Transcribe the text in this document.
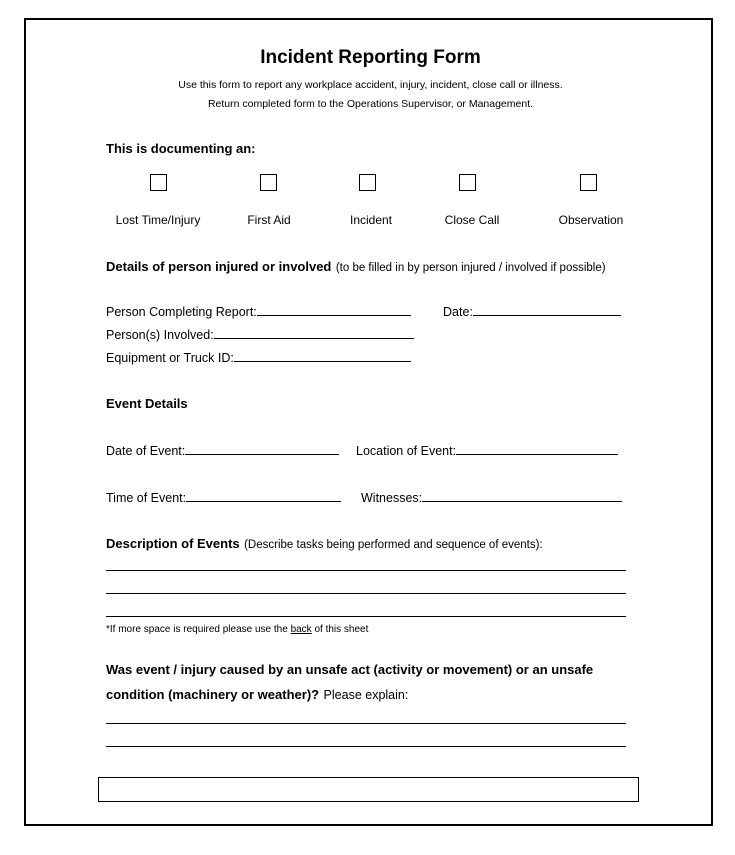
Incident Reporting Form
Use this form to report any workplace accident, injury, incident, close call or illness.
Return completed form to the Operations Supervisor, or Management.
This is documenting an:
Lost Time/Injury	First Aid	Incident	Close Call	Observation
Details of person injured or involved (to be filled in by person injured / involved if possible)
Person Completing Report:	Date:
Person(s) Involved:
Equipment or Truck ID:
Event Details
Date of Event:	Location of Event:
Time of Event:	Witnesses:
Description of Events (Describe tasks being performed and sequence of events):
*If more space is required please use the back of this sheet
Was event / injury caused by an unsafe act (activity or movement) or an unsafe
condition (machinery or weather)? Please explain:
